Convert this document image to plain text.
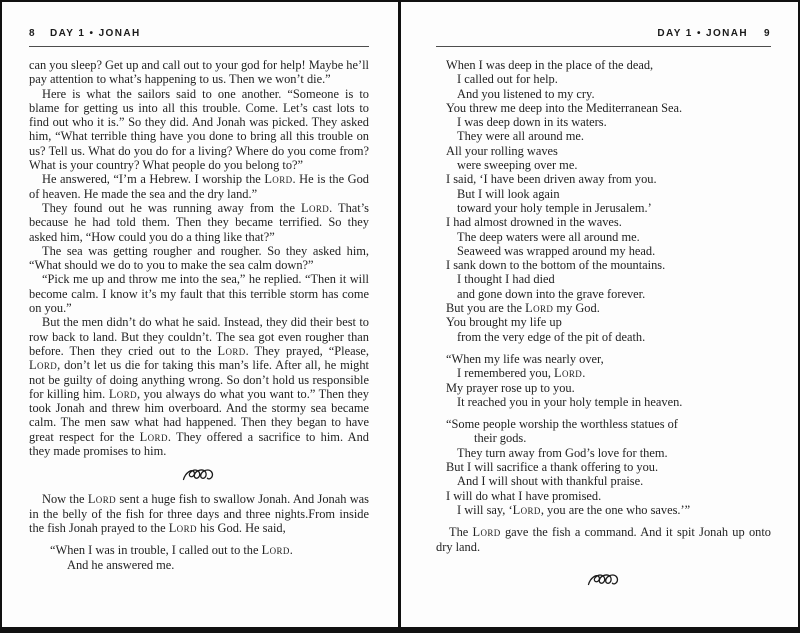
8 DAY 1 • JONAH

can you sleep? Get up and call out to your god for help! Maybe he’ll pay attention to what’s happening to us. Then we won’t die.”

Here is what the sailors said to one another. “Someone is to blame for getting us into all this trouble. Come. Let’s cast lots to find out who it is.” So they did. And Jonah was picked. They asked him, “What terrible thing have you done to bring all this trouble on us? Tell us. What do you do for a living? Where do you come from? What is your country? What people do you belong to?”

He answered, “I’m a Hebrew. I worship the Lord. He is the God of heaven. He made the sea and the dry land.”

They found out he was running away from the Lord. That’s because he had told them. Then they became terrified. So they asked him, “How could you do a thing like that?”

The sea was getting rougher and rougher. So they asked him, “What should we do to you to make the sea calm down?”

“Pick me up and throw me into the sea,” he replied. “Then it will become calm. I know it’s my fault that this terrible storm has come on you.”

But the men didn’t do what he said. Instead, they did their best to row back to land. But they couldn’t. The sea got even rougher than before. Then they cried out to the Lord. They prayed, “Please, Lord, don’t let us die for taking this man’s life. After all, he might not be guilty of doing anything wrong. So don’t hold us responsible for killing him. Lord, you always do what you want to.” Then they took Jonah and threw him overboard. And the stormy sea became calm. The men saw what had happened. Then they began to have great respect for the Lord. They offered a sacrifice to him. And they made promises to him.

Now the Lord sent a huge fish to swallow Jonah. And Jonah was in the belly of the fish for three days and three nights.From inside the fish Jonah prayed to the Lord his God. He said,

“When I was in trouble, I called out to the Lord.
And he answered me.
DAY 1 • JONAH 9
When I was deep in the place of the dead,
I called out for help.
And you listened to my cry.
You threw me deep into the Mediterranean Sea.
I was deep down in its waters.
They were all around me.
All your rolling waves
were sweeping over me.
I said, ‘I have been driven away from you.
But I will look again
toward your holy temple in Jerusalem.’
I had almost drowned in the waves.
The deep waters were all around me.
Seaweed was wrapped around my head.
I sank down to the bottom of the mountains.
I thought I had died
and gone down into the grave forever.
But you are the Lord my God.
You brought my life up
from the very edge of the pit of death.
“When my life was nearly over,
I remembered you, Lord.
My prayer rose up to you.
It reached you in your holy temple in heaven.
“Some people worship the worthless statues of
their gods.
They turn away from God’s love for them.
But I will sacrifice a thank offering to you.
And I will shout with thankful praise.
I will do what I have promised.
I will say, ‘Lord, you are the one who saves.’”

The Lord gave the fish a command. And it spit Jonah up onto dry land.
